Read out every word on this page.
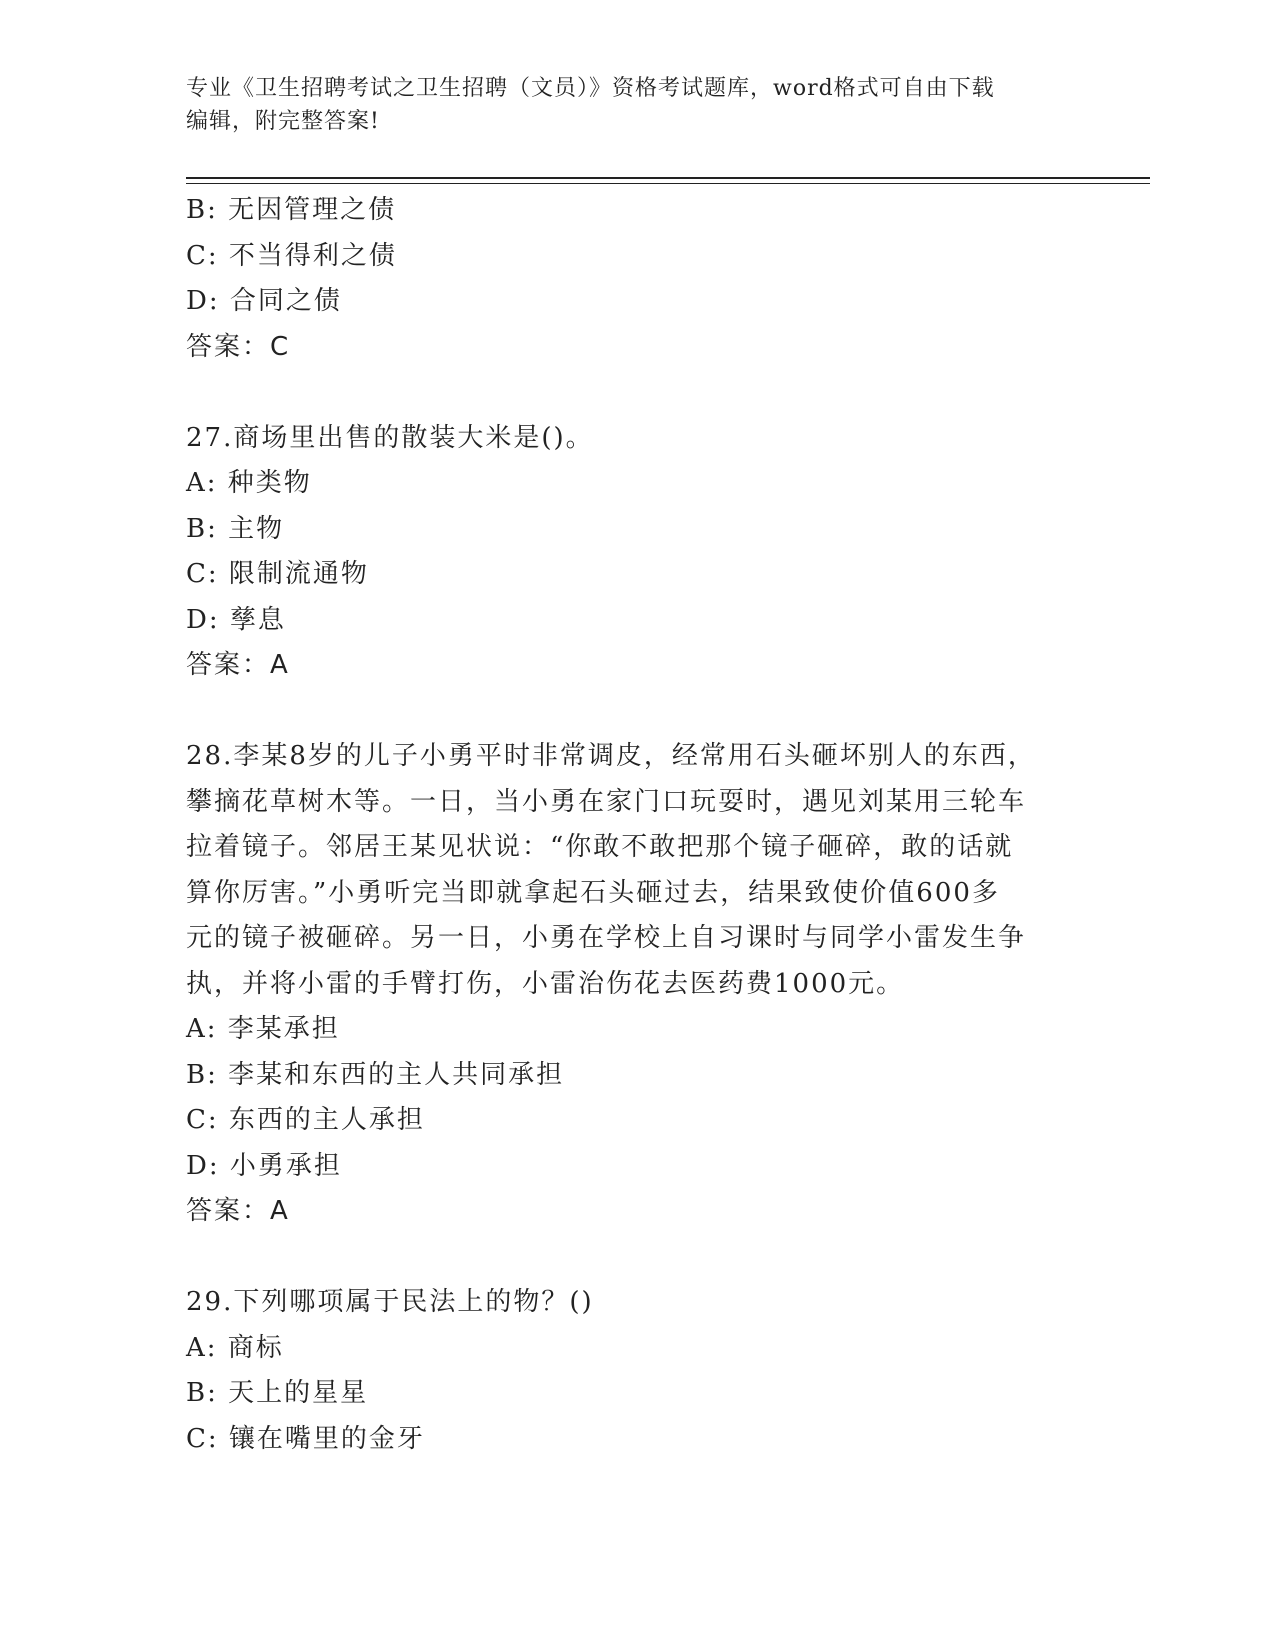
专业《卫生招聘考试之卫生招聘（文员）》资格考试题库，word格式可自由下载
编辑，附完整答案!
B: 无因管理之债
C: 不当得利之债
D: 合同之债
答案：C
27.商场里出售的散装大米是()。
A: 种类物
B: 主物
C: 限制流通物
D: 孳息
答案：A
28.李某8岁的儿子小勇平时非常调皮，经常用石头砸坏别人的东西，
攀摘花草树木等。一日，当小勇在家门口玩耍时，遇见刘某用三轮车
拉着镜子。邻居王某见状说：“你敢不敢把那个镜子砸碎，敢的话就
算你厉害。”小勇听完当即就拿起石头砸过去，结果致使价值600多
元的镜子被砸碎。另一日，小勇在学校上自习课时与同学小雷发生争
执，并将小雷的手臂打伤，小雷治伤花去医药费1000元。
A: 李某承担
B: 李某和东西的主人共同承担
C: 东西的主人承担
D: 小勇承担
答案：A
29.下列哪项属于民法上的物？()
A: 商标
B: 天上的星星
C: 镶在嘴里的金牙
